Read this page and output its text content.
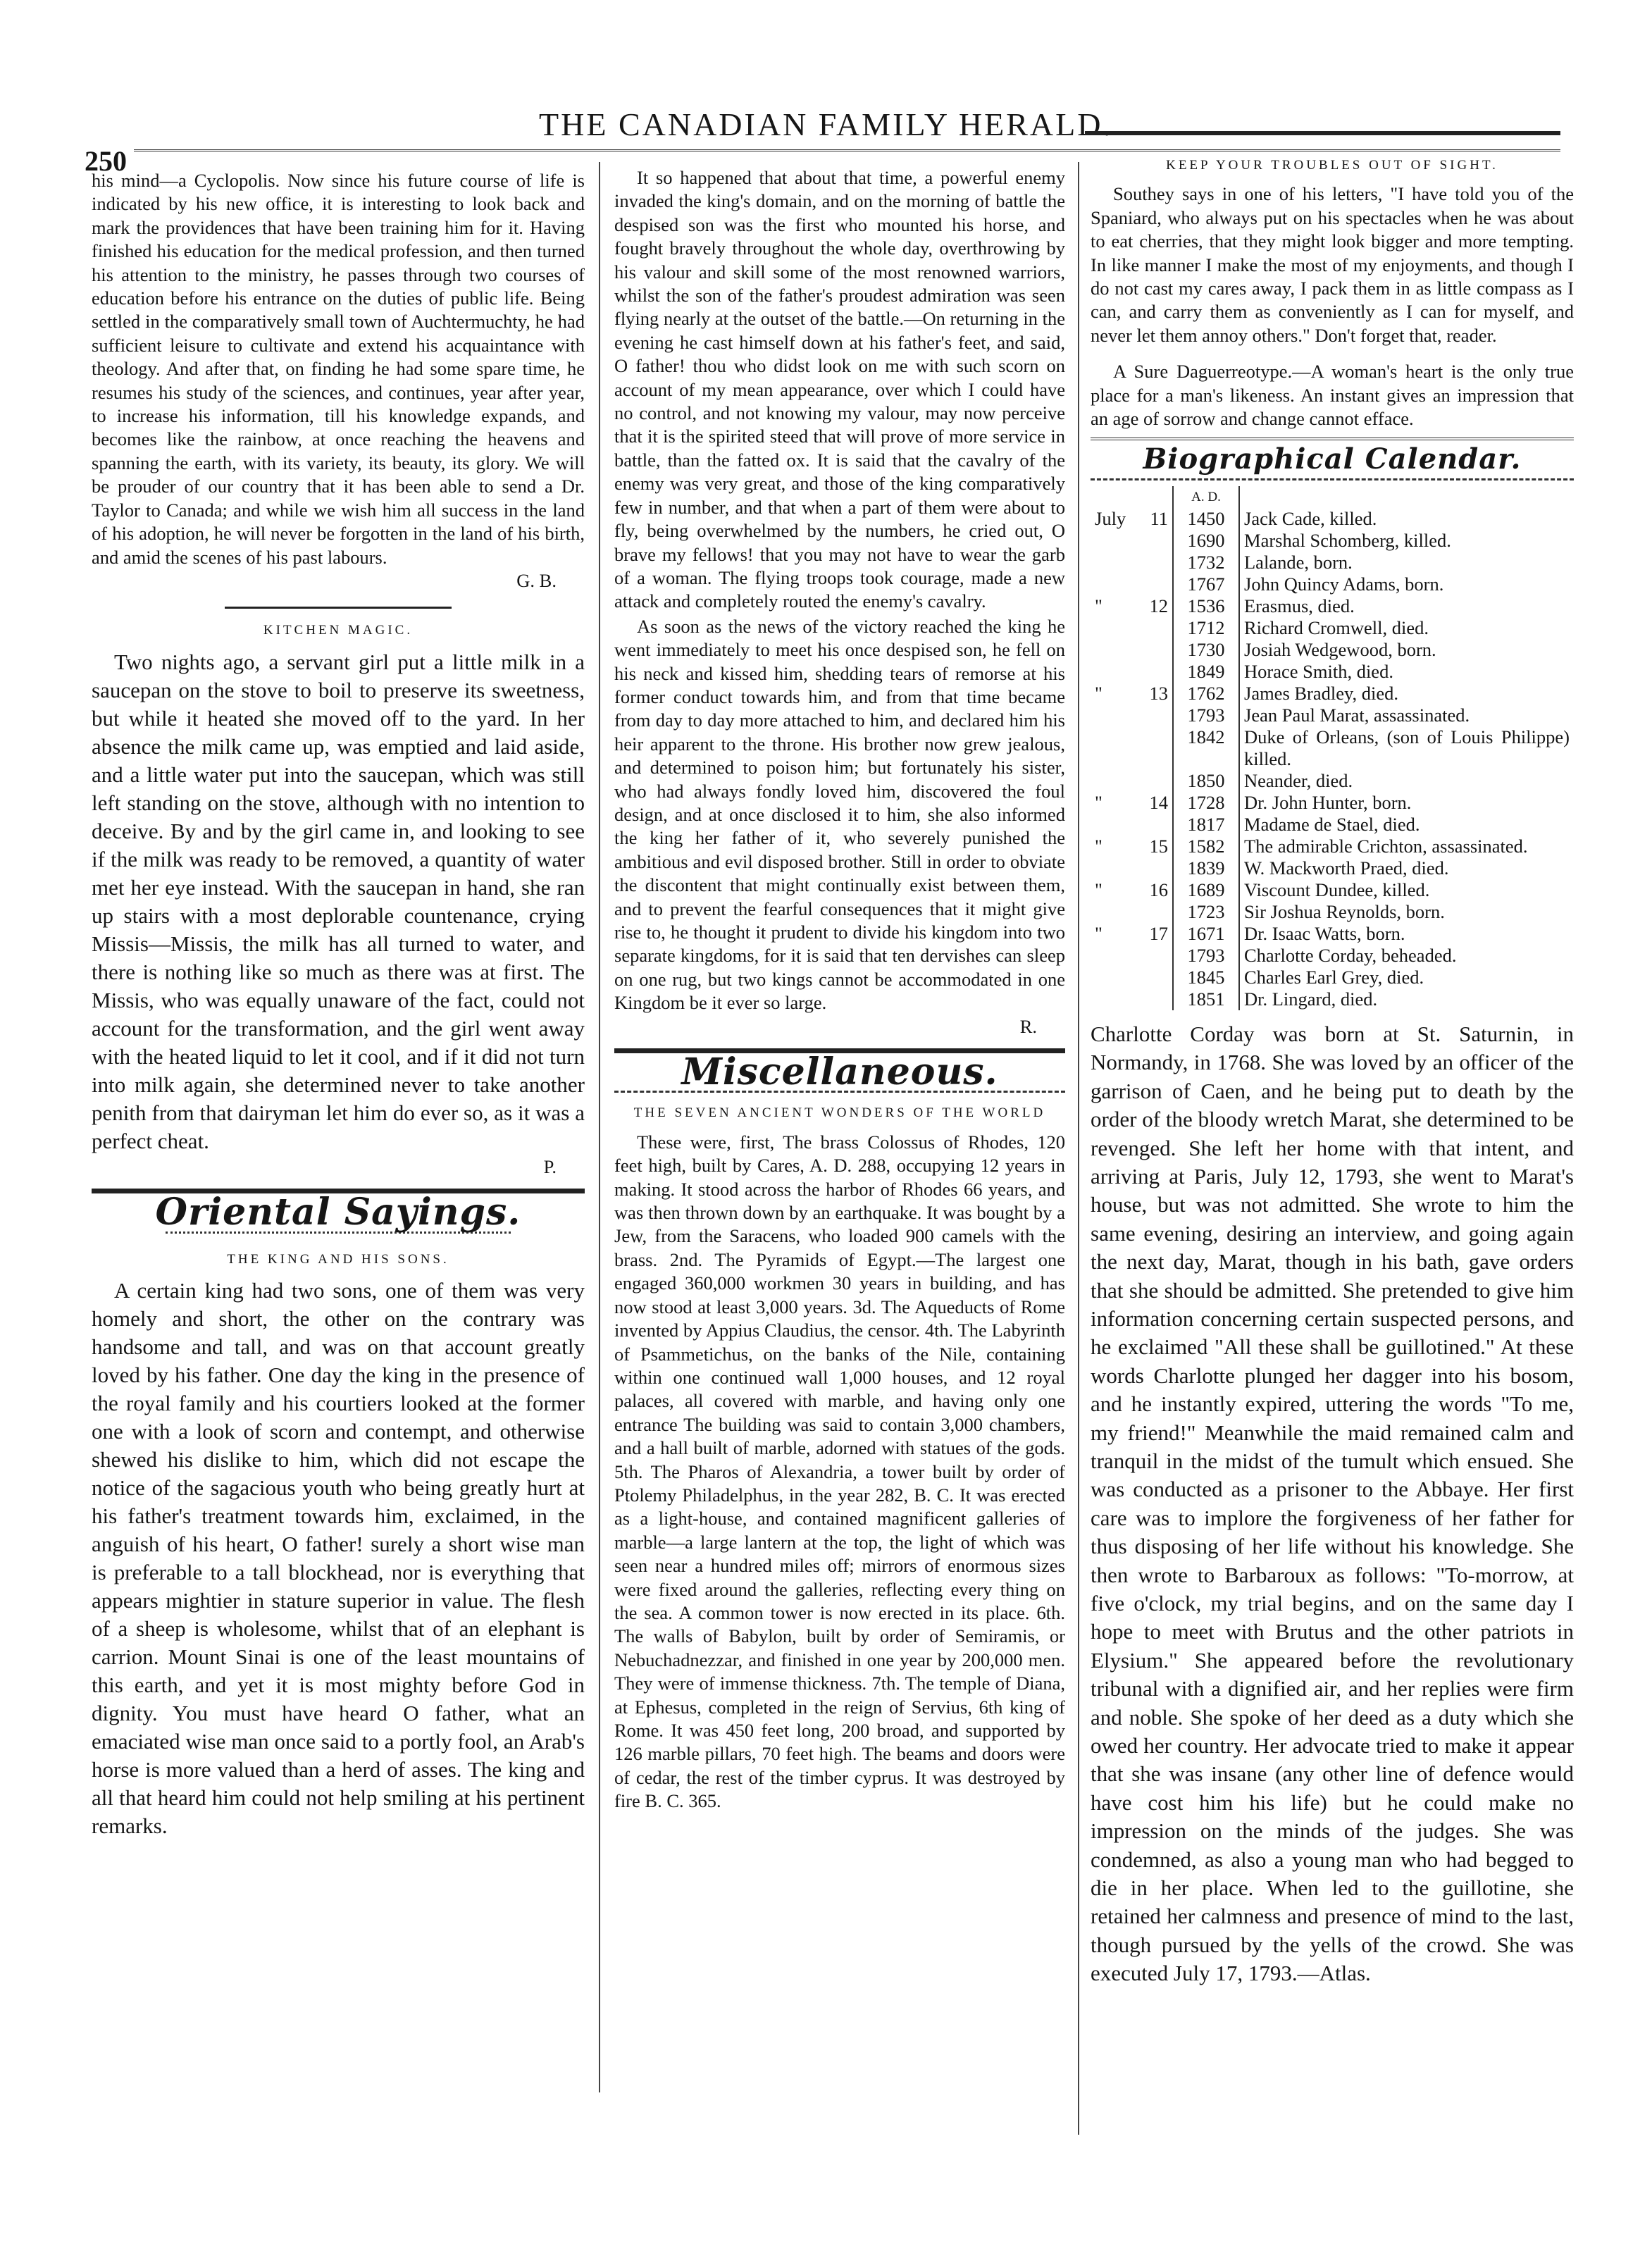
THE CANADIAN FAMILY HERALD.
250

his mind—a Cyclopolis. Now since his future course of life is indicated by his new office, it is interesting to look back and mark the providences that have been training him for it. Having finished his education for the medical profession, and then turned his attention to the ministry, he passes through two courses of education before his entrance on the duties of public life. Being settled in the comparatively small town of Auchtermuchty, he had sufficient leisure to cultivate and extend his acquaintance with theology. And after that, on finding he had some spare time, he resumes his study of the sciences, and continues, year after year, to increase his information, till his knowledge expands, and becomes like the rainbow, at once reaching the heavens and spanning the earth, with its variety, its beauty, its glory. We will be prouder of our country that it has been able to send a Dr. Taylor to Canada; and while we wish him all success in the land of his adoption, he will never be forgotten in the land of his birth, and amid the scenes of his past labours.

G. B.
KITCHEN MAGIC.

Two nights ago, a servant girl put a little milk in a saucepan on the stove to boil to preserve its sweetness, but while it heated she moved off to the yard. In her absence the milk came up, was emptied and laid aside, and a little water put into the saucepan, which was still left standing on the stove, although with no intention to deceive. By and by the girl came in, and looking to see if the milk was ready to be removed, a quantity of water met her eye instead. With the saucepan in hand, she ran up stairs with a most deplorable countenance, crying Missis—Missis, the milk has all turned to water, and there is nothing like so much as there was at first. The Missis, who was equally unaware of the fact, could not account for the transformation, and the girl went away with the heated liquid to let it cool, and if it did not turn into milk again, she determined never to take another penith from that dairyman let him do ever so, as it was a perfect cheat.

P.
Oriental Sayings.
THE KING AND HIS SONS.

A certain king had two sons, one of them was very homely and short, the other on the contrary was handsome and tall, and was on that account greatly loved by his father. One day the king in the presence of the royal family and his courtiers looked at the former one with a look of scorn and contempt, and otherwise shewed his dislike to him, which did not escape the notice of the sagacious youth who being greatly hurt at his father's treatment towards him, exclaimed, in the anguish of his heart, O father! surely a short wise man is preferable to a tall blockhead, nor is everything that appears mightier in stature superior in value. The flesh of a sheep is wholesome, whilst that of an elephant is carrion. Mount Sinai is one of the least mountains of this earth, and yet it is most mighty before God in dignity. You must have heard O father, what an emaciated wise man once said to a portly fool, an Arab's horse is more valued than a herd of asses. The king and all that heard him could not help smiling at his pertinent remarks.

It so happened that about that time, a powerful enemy invaded the king's domain, and on the morning of battle the despised son was the first who mounted his horse, and fought bravely throughout the whole day, overthrowing by his valour and skill some of the most renowned warriors, whilst the son of the father's proudest admiration was seen flying nearly at the outset of the battle.—On returning in the evening he cast himself down at his father's feet, and said, O father! thou who didst look on me with such scorn on account of my mean appearance, over which I could have no control, and not knowing my valour, may now perceive that it is the spirited steed that will prove of more service in battle, than the fatted ox. It is said that the cavalry of the enemy was very great, and those of the king comparatively few in number, and that when a part of them were about to fly, being overwhelmed by the numbers, he cried out, O brave my fellows! that you may not have to wear the garb of a woman. The flying troops took courage, made a new attack and completely routed the enemy's cavalry.

As soon as the news of the victory reached the king he went immediately to meet his once despised son, he fell on his neck and kissed him, shedding tears of remorse at his former conduct towards him, and from that time became from day to day more attached to him, and declared him his heir apparent to the throne. His brother now grew jealous, and determined to poison him; but fortunately his sister, who had always fondly loved him, discovered the foul design, and at once disclosed it to him, she also informed the king her father of it, who severely punished the ambitious and evil disposed brother. Still in order to obviate the discontent that might continually exist between them, and to prevent the fearful consequences that it might give rise to, he thought it prudent to divide his kingdom into two separate kingdoms, for it is said that ten dervishes can sleep on one rug, but two kings cannot be accommodated in one Kingdom be it ever so large.

R.
Miscellaneous.
THE SEVEN ANCIENT WONDERS OF THE WORLD

These were, first, The brass Colossus of Rhodes, 120 feet high, built by Cares, A. D. 288, occupying 12 years in making. It stood across the harbor of Rhodes 66 years, and was then thrown down by an earthquake. It was bought by a Jew, from the Saracens, who loaded 900 camels with the brass. 2nd. The Pyramids of Egypt.—The largest one engaged 360,000 workmen 30 years in building, and has now stood at least 3,000 years. 3d. The Aqueducts of Rome invented by Appius Claudius, the censor. 4th. The Labyrinth of Psammetichus, on the banks of the Nile, containing within one continued wall 1,000 houses, and 12 royal palaces, all covered with marble, and having only one entrance The building was said to contain 3,000 chambers, and a hall built of marble, adorned with statues of the gods. 5th. The Pharos of Alexandria, a tower built by order of Ptolemy Philadelphus, in the year 282, B. C. It was erected as a light-house, and contained magnificent galleries of marble—a large lantern at the top, the light of which was seen near a hundred miles off; mirrors of enormous sizes were fixed around the galleries, reflecting every thing on the sea. A common tower is now erected in its place. 6th. The walls of Babylon, built by order of Semiramis, or Nebuchadnezzar, and finished in one year by 200,000 men. They were of immense thickness. 7th. The temple of Diana, at Ephesus, completed in the reign of Servius, 6th king of Rome. It was 450 feet long, 200 broad, and supported by 126 marble pillars, 70 feet high. The beams and doors were of cedar, the rest of the timber cyprus. It was destroyed by fire B. C. 365.

KEEP YOUR TROUBLES OUT OF SIGHT.

Southey says in one of his letters, "I have told you of the Spaniard, who always put on his spectacles when he was about to eat cherries, that they might look bigger and more tempting. In like manner I make the most of my enjoyments, and though I do not cast my cares away, I pack them in as little compass as I can, and carry them as conveniently as I can for myself, and never let them annoy others." Don't forget that, reader.

A Sure Daguerreotype.—A woman's heart is the only true place for a man's likeness. An instant gives an impression that an age of sorrow and change cannot efface.

Biographical Calendar.
		A. D.	
July	11	1450	Jack Cade, killed.
		1690	Marshal Schomberg, killed.
		1732	Lalande, born.
		1767	John Quincy Adams, born.
"	12	1536	Erasmus, died.
		1712	Richard Cromwell, died.
		1730	Josiah Wedgewood, born.
		1849	Horace Smith, died.
"	13	1762	James Bradley, died.
		1793	Jean Paul Marat, assassinated.
		1842	Duke of Orleans, (son of Louis Philippe) killed.
		1850	Neander, died.
"	14	1728	Dr. John Hunter, born.
		1817	Madame de Stael, died.
"	15	1582	The admirable Crichton, assassinated.
		1839	W. Mackworth Praed, died.
"	16	1689	Viscount Dundee, killed.
		1723	Sir Joshua Reynolds, born.
"	17	1671	Dr. Isaac Watts, born.
		1793	Charlotte Corday, beheaded.
		1845	Charles Earl Grey, died.
		1851	Dr. Lingard, died.

Charlotte Corday was born at St. Saturnin, in Normandy, in 1768. She was loved by an officer of the garrison of Caen, and he being put to death by the order of the bloody wretch Marat, she determined to be revenged. She left her home with that intent, and arriving at Paris, July 12, 1793, she went to Marat's house, but was not admitted. She wrote to him the same evening, desiring an interview, and going again the next day, Marat, though in his bath, gave orders that she should be admitted. She pretended to give him information concerning certain suspected persons, and he exclaimed "All these shall be guillotined." At these words Charlotte plunged her dagger into his bosom, and he instantly expired, uttering the words "To me, my friend!" Meanwhile the maid remained calm and tranquil in the midst of the tumult which ensued. She was conducted as a prisoner to the Abbaye. Her first care was to implore the forgiveness of her father for thus disposing of her life without his knowledge. She then wrote to Barbaroux as follows: "To-morrow, at five o'clock, my trial begins, and on the same day I hope to meet with Brutus and the other patriots in Elysium." She appeared before the revolutionary tribunal with a dignified air, and her replies were firm and noble. She spoke of her deed as a duty which she owed her country. Her advocate tried to make it appear that she was insane (any other line of defence would have cost him his life) but he could make no impression on the minds of the judges. She was condemned, as also a young man who had begged to die in her place. When led to the guillotine, she retained her calmness and presence of mind to the last, though pursued by the yells of the crowd. She was executed July 17, 1793.—Atlas.
